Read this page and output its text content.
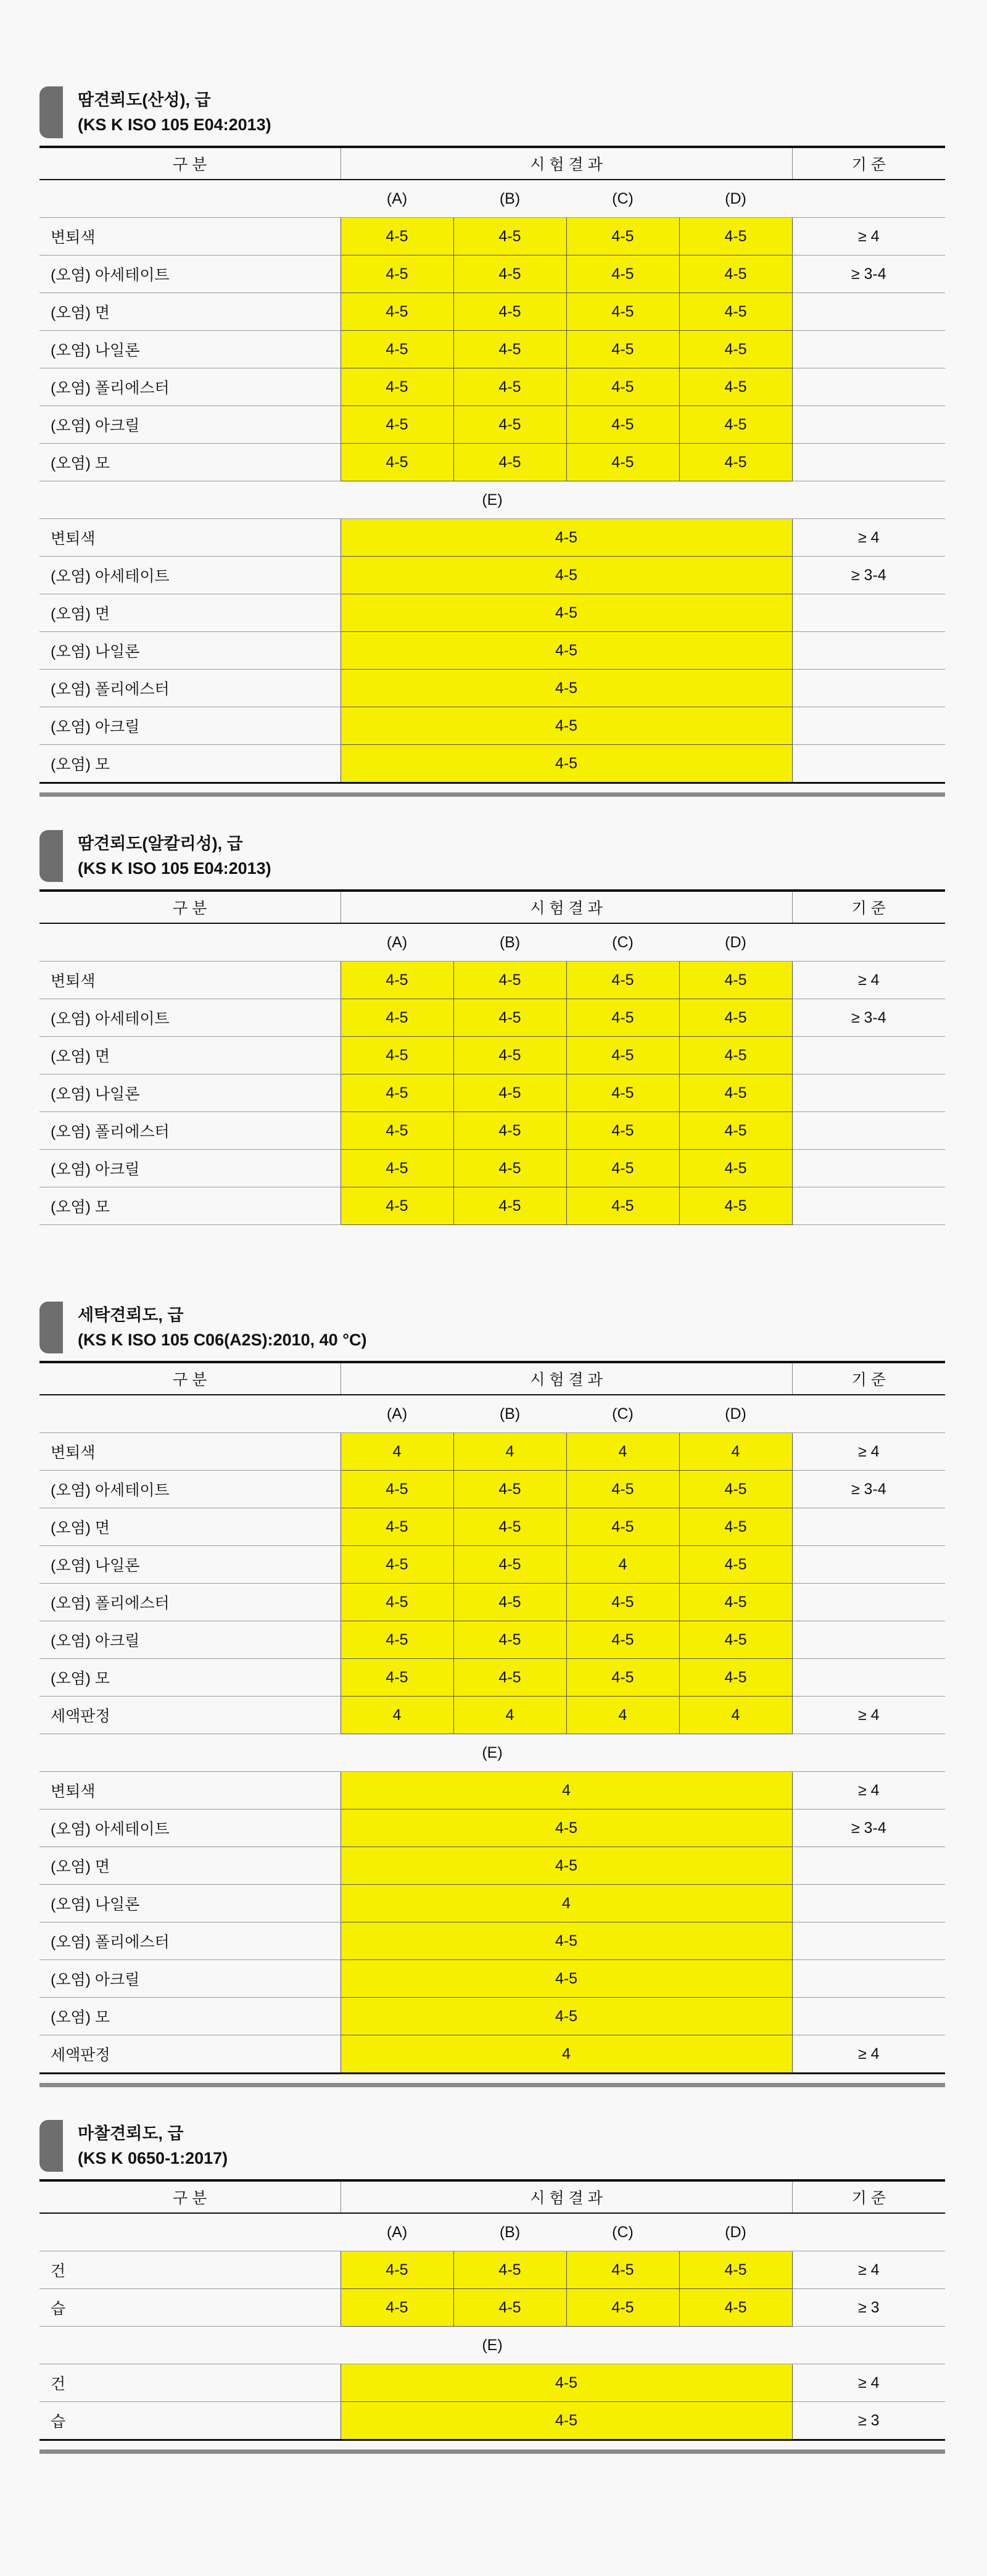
땀견뢰도(산성), 급
(KS K ISO 105 E04:2013)
구 분	시 험 결 과				기 준
	(A)	(B)	(C)	(D)	
변퇴색	4-5	4-5	4-5	4-5	≥ 4
(오염) 아세테이트	4-5	4-5	4-5	4-5	≥ 3-4
(오염) 면	4-5	4-5	4-5	4-5	
(오염) 나일론	4-5	4-5	4-5	4-5	
(오염) 폴리에스터	4-5	4-5	4-5	4-5	
(오염) 아크릴	4-5	4-5	4-5	4-5	
(오염) 모	4-5	4-5	4-5	4-5	
(E)					
변퇴색	4-5				≥ 4
(오염) 아세테이트	4-5				≥ 3-4
(오염) 면	4-5				
(오염) 나일론	4-5				
(오염) 폴리에스터	4-5				
(오염) 아크릴	4-5				
(오염) 모	4-5				
땀견뢰도(알칼리성), 급
(KS K ISO 105 E04:2013)
구 분	시 험 결 과				기 준
	(A)	(B)	(C)	(D)	
변퇴색	4-5	4-5	4-5	4-5	≥ 4
(오염) 아세테이트	4-5	4-5	4-5	4-5	≥ 3-4
(오염) 면	4-5	4-5	4-5	4-5	
(오염) 나일론	4-5	4-5	4-5	4-5	
(오염) 폴리에스터	4-5	4-5	4-5	4-5	
(오염) 아크릴	4-5	4-5	4-5	4-5	
(오염) 모	4-5	4-5	4-5	4-5	
세탁견뢰도, 급
(KS K ISO 105 C06(A2S):2010, 40 °C)
구 분	시 험 결 과				기 준
	(A)	(B)	(C)	(D)	
변퇴색	4	4	4	4	≥ 4
(오염) 아세테이트	4-5	4-5	4-5	4-5	≥ 3-4
(오염) 면	4-5	4-5	4-5	4-5	
(오염) 나일론	4-5	4-5	4	4-5	
(오염) 폴리에스터	4-5	4-5	4-5	4-5	
(오염) 아크릴	4-5	4-5	4-5	4-5	
(오염) 모	4-5	4-5	4-5	4-5	
세액판정	4	4	4	4	≥ 4
(E)					
변퇴색	4				≥ 4
(오염) 아세테이트	4-5				≥ 3-4
(오염) 면	4-5				
(오염) 나일론	4				
(오염) 폴리에스터	4-5				
(오염) 아크릴	4-5				
(오염) 모	4-5				
세액판정	4				≥ 4
마찰견뢰도, 급
(KS K 0650-1:2017)
구 분	시 험 결 과				기 준
	(A)	(B)	(C)	(D)	
건	4-5	4-5	4-5	4-5	≥ 4
습	4-5	4-5	4-5	4-5	≥ 3
(E)					
건	4-5				≥ 4
습	4-5				≥ 3
